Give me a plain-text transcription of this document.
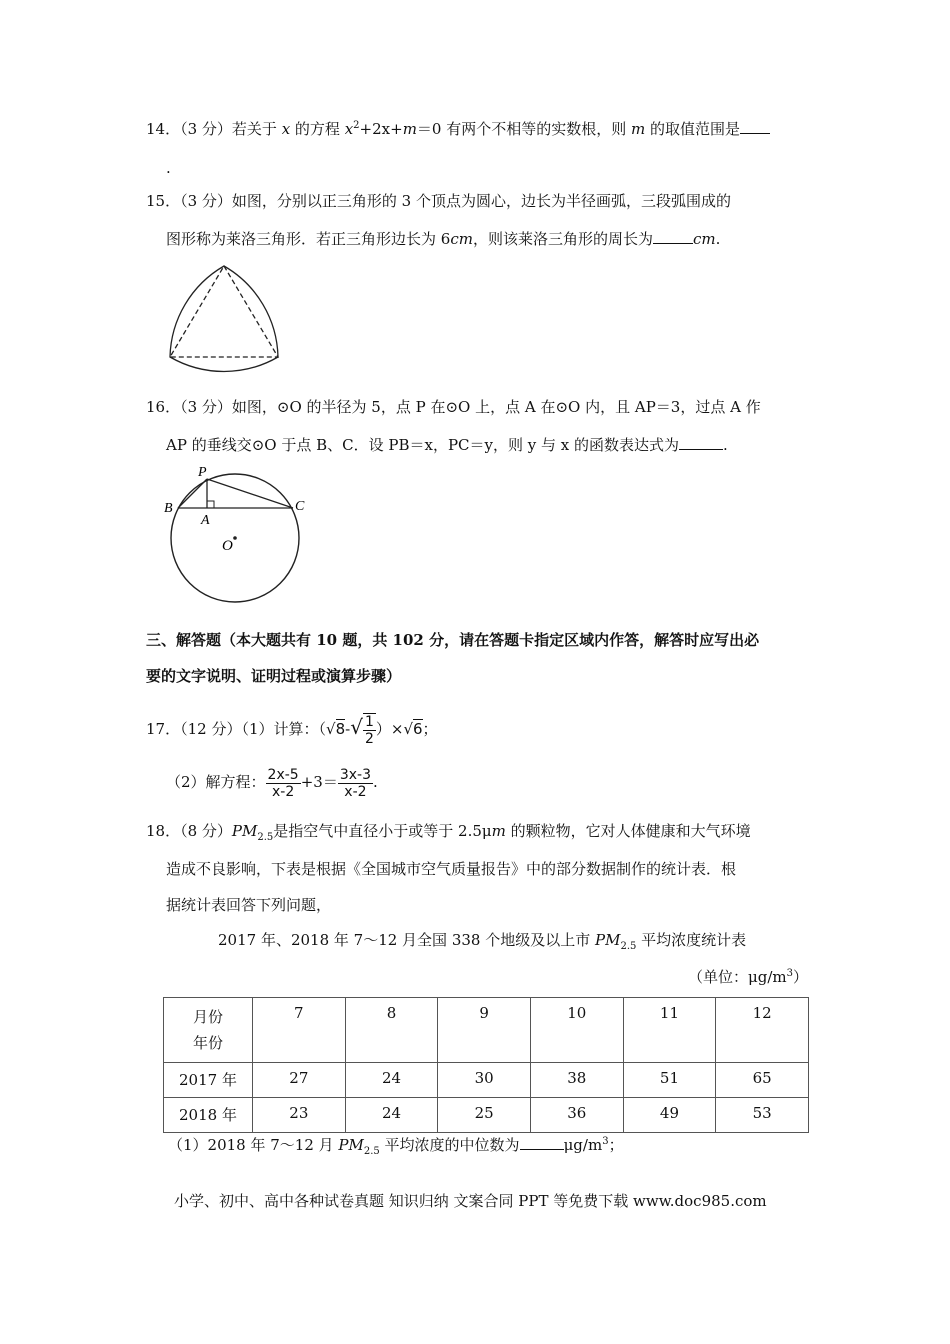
14．（3 分）若关于 x 的方程 $x^2+2x+m=0$ 有两个不相等的实数根，则 m 的取值范围是
.
15．（3 分）如图，分别以正三角形的 3 个顶点为圆心，边长为半径画弧，三段弧围成的
图形称为莱洛三角形．若正三角形边长为 6cm，则该莱洛三角形的周长为	cm.
16．（3 分）如图，⊙O 的半径为 5，点 P 在⊙O 上，点 A 在⊙O 内，且 AP＝3，过点 A 作
AP 的垂线交⊙O 于点 B、C．设 PB＝x，PC＝y，则 y 与 x 的函数表达式为	.
P
A
B	C
O
三、解答题（本大题共有 10 题，共 102 分，请在答题卡指定区域内作答，解答时应写出必
要的文字说明、证明过程或演算步骤）
17．（12 分）（1）计算：$(√8-√ \frac{1}{2} )\times√6$；
（2）解方程： $\frac{2x-5}{x-2} +3= \frac{3x-3}{x-2}$ .
18．（8 分）$PM_{2.5}$是指空气中直径小于或等于 2.5μm 的颗粒物，它对人体健康和大气环境
造成不良影响，下表是根据《全国城市空气质量报告》中的部分数据制作的统计表．根
据统计表回答下列问题，
2017 年、2018 年 7～12 月全国 338 个地级及以上市 $PM_{2.5}$ 平均浓度统计表
（单位：$\mu g/m^3$）
月份
年份	7	8	9	10	11	12
2017 年	27	24	30	38	51	65
2018 年	23	24	25	36	49	53
（1）2018 年 7～12 月 $PM_{2.5}$ 平均浓度的中位数为	$\mu g/m^3$；
小学、初中、高中各种试卷真题 知识归纳 文案合同 PPT 等免费下载 www.doc985.com
